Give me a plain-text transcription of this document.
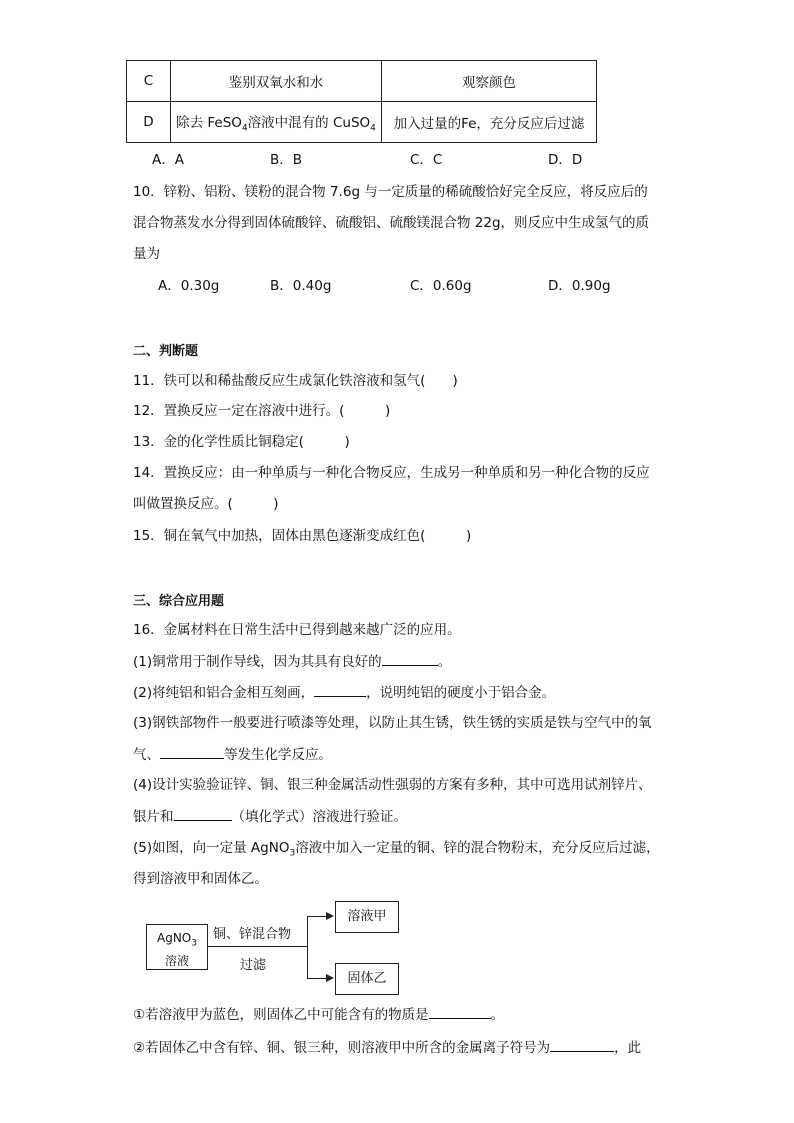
C	鉴别双氧水和水	观察颜色
D	除去 FeSO$_4$溶液中混有的 CuSO$_4$	加入过量的Fe，充分反应后过滤
A．A	B．B	C．C	D．D
10．锌粉、铝粉、镁粉的混合物 7.6g 与一定质量的稀硫酸恰好完全反应，将反应后的
混合物蒸发水分得到固体硫酸锌、硫酸铝、硫酸镁混合物 22g，则反应中生成氢气的质
量为
A．0.30g	B．0.40g	C．0.60g	D．0.90g
二、判断题
11．铁可以和稀盐酸反应生成氯化铁溶液和氢气(　　)
12．置换反应一定在溶液中进行。(　　　)
13．金的化学性质比铜稳定(　　　)
14．置换反应：由一种单质与一种化合物反应，生成另一种单质和另一种化合物的反应
叫做置换反应。(　　　)
15．铜在氧气中加热，固体由黑色逐渐变成红色(　　　)
三、综合应用题
16．金属材料在日常生活中已得到越来越广泛的应用。
(1)铜常用于制作导线，因为其具有良好的	。
(2)将纯铝和铝合金相互刻画，	，说明纯铝的硬度小于铝合金。
(3)钢铁部物件一般要进行喷漆等处理，以防止其生锈，铁生锈的实质是铁与空气中的氧
气、	等发生化学反应。
(4)设计实验验证锌、铜、银三种金属活动性强弱的方案有多种，其中可选用试剂锌片、
银片和	（填化学式）溶液进行验证。
(5)如图，向一定量 AgNO$_3$溶液中加入一定量的铜、锌的混合物粉末，充分反应后过滤，
得到溶液甲和固体乙。
AgNO$_3$
溶液
铜、锌混合物
过滤
溶液甲
固体乙
①若溶液甲为蓝色，则固体乙中可能含有的物质是	。
②若固体乙中含有锌、铜、银三种，则溶液甲中所含的金属离子符号为	，此
